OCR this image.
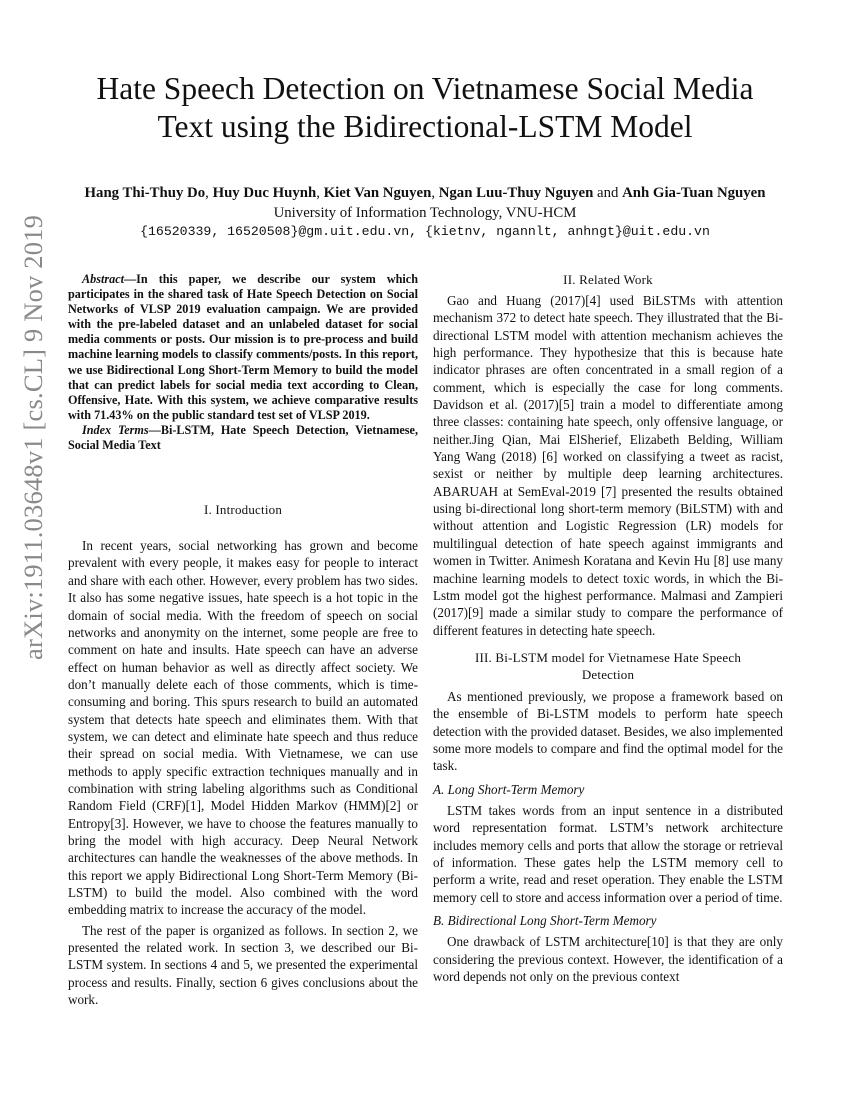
arXiv:1911.03648v1 [cs.CL] 9 Nov 2019
Hate Speech Detection on Vietnamese Social Media
Text using the Bidirectional-LSTM Model
Hang Thi-Thuy Do, Huy Duc Huynh, Kiet Van Nguyen, Ngan Luu-Thuy Nguyen and Anh Gia-Tuan Nguyen
University of Information Technology, VNU-HCM
{16520339, 16520508}@gm.uit.edu.vn, {kietnv, ngannlt, anhngt}@uit.edu.vn

Abstract—In this paper, we describe our system which participates in the shared task of Hate Speech Detection on Social Networks of VLSP 2019 evaluation campaign. We are provided with the pre-labeled dataset and an unlabeled dataset for social media comments or posts. Our mission is to pre-process and build machine learning models to classify comments/posts. In this report, we use Bidirectional Long Short-Term Memory to build the model that can predict labels for social media text according to Clean, Offensive, Hate. With this system, we achieve comparative results with 71.43% on the public standard test set of VLSP 2019.

Index Terms—Bi-LSTM, Hate Speech Detection, Vietnamese, Social Media Text

I. Introduction

In recent years, social networking has grown and become prevalent with every people, it makes easy for people to interact and share with each other. However, every problem has two sides. It also has some negative issues, hate speech is a hot topic in the domain of social media. With the freedom of speech on social networks and anonymity on the internet, some people are free to comment on hate and insults. Hate speech can have an adverse effect on human behavior as well as directly affect society. We don’t manually delete each of those comments, which is time-consuming and boring. This spurs research to build an automated system that detects hate speech and eliminates them. With that system, we can detect and eliminate hate speech and thus reduce their spread on social media. With Vietnamese, we can use methods to apply specific extraction techniques manually and in combination with string labeling algorithms such as Conditional Random Field (CRF)[1], Model Hidden Markov (HMM)[2] or Entropy[3]. However, we have to choose the features manually to bring the model with high accuracy. Deep Neural Network architectures can handle the weaknesses of the above methods. In this report we apply Bidirectional Long Short-Term Memory (Bi-LSTM) to build the model. Also combined with the word embedding matrix to increase the accuracy of the model.

The rest of the paper is organized as follows. In section 2, we presented the related work. In section 3, we described our Bi-LSTM system. In sections 4 and 5, we presented the experimental process and results. Finally, section 6 gives conclusions about the work.

II. Related Work

Gao and Huang (2017)[4] used BiLSTMs with attention mechanism 372 to detect hate speech. They illustrated that the Bi-directional LSTM model with attention mechanism achieves the high performance. They hypothesize that this is because hate indicator phrases are often concentrated in a small region of a comment, which is especially the case for long comments. Davidson et al. (2017)[5] train a model to differentiate among three classes: containing hate speech, only offensive language, or neither.Jing Qian, Mai ElSherief, Elizabeth Belding, William Yang Wang (2018) [6] worked on classifying a tweet as racist, sexist or neither by multiple deep learning architectures. ABARUAH at SemEval-2019 [7] presented the results obtained using bi-directional long short-term memory (BiLSTM) with and without attention and Logistic Regression (LR) models for multilingual detection of hate speech against immigrants and women in Twitter. Animesh Koratana and Kevin Hu [8] use many machine learning models to detect toxic words, in which the Bi-Lstm model got the highest performance. Malmasi and Zampieri (2017)[9] made a similar study to compare the performance of different features in detecting hate speech.

III. Bi-LSTM model for Vietnamese Hate Speech
Detection

As mentioned previously, we propose a framework based on the ensemble of Bi-LSTM models to perform hate speech detection with the provided dataset. Besides, we also implemented some more models to compare and find the optimal model for the task.

A. Long Short-Term Memory

LSTM takes words from an input sentence in a distributed word representation format. LSTM’s network architecture includes memory cells and ports that allow the storage or retrieval of information. These gates help the LSTM memory cell to perform a write, read and reset operation. They enable the LSTM memory cell to store and access information over a period of time.

B. Bidirectional Long Short-Term Memory

One drawback of LSTM architecture[10] is that they are only considering the previous context. However, the identification of a word depends not only on the previous context
